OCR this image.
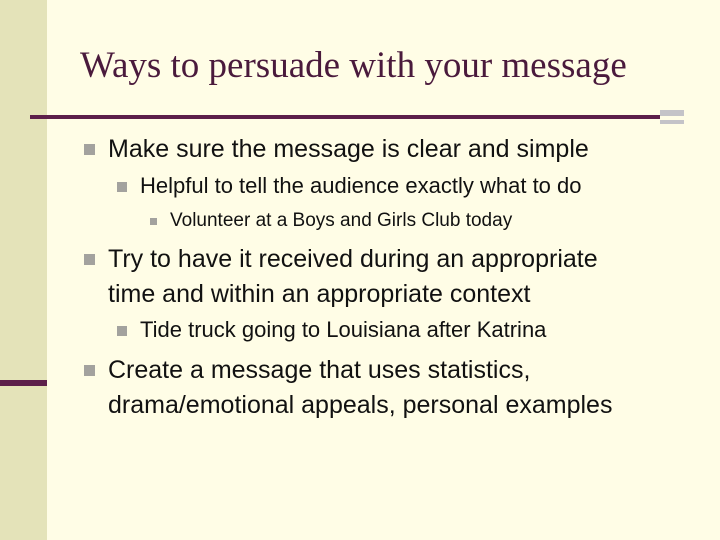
Ways to persuade with your message
Make sure the message is clear and simple
Helpful to tell the audience exactly what to do
Volunteer at a Boys and Girls Club today
Try to have it received during an appropriate
time and within an appropriate context
Tide truck going to Louisiana after Katrina
Create a message that uses statistics,
drama/emotional appeals, personal examples
